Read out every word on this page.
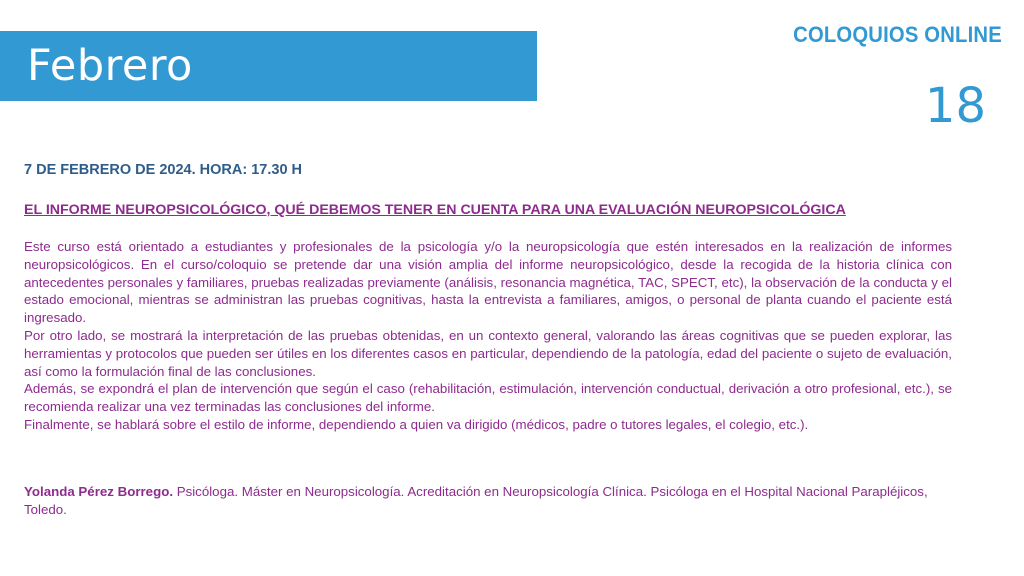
Febrero
COLOQUIOS ONLINE
18

7 DE FEBRERO DE 2024. HORA: 17.30 H

EL INFORME NEUROPSICOLÓGICO, QUÉ DEBEMOS TENER EN CUENTA PARA UNA EVALUACIÓN NEUROPSICOLÓGICA

Este curso está orientado a estudiantes y profesionales de la psicología y/o la neuropsicología que estén interesados en la realización de informes neuropsicológicos. En el curso/coloquio se pretende dar una visión amplia del informe neuropsicológico, desde la recogida de la historia clínica con antecedentes personales y familiares, pruebas realizadas previamente (análisis, resonancia magnética, TAC, SPECT, etc), la observación de la conducta y el estado emocional, mientras se administran las pruebas cognitivas, hasta la entrevista a familiares, amigos, o personal de planta cuando el paciente está ingresado.

Por otro lado, se mostrará la interpretación de las pruebas obtenidas, en un contexto general, valorando las áreas cognitivas que se pueden explorar, las herramientas y protocolos que pueden ser útiles en los diferentes casos en particular, dependiendo de la patología, edad del paciente o sujeto de evaluación, así como la formulación final de las conclusiones.

Además, se expondrá el plan de intervención que según el caso (rehabilitación, estimulación, intervención conductual, derivación a otro profesional, etc.), se recomienda realizar una vez terminadas las conclusiones del informe.

Finalmente, se hablará sobre el estilo de informe, dependiendo a quien va dirigido (médicos, padre o tutores legales, el colegio, etc.).

Yolanda Pérez Borrego. Psicóloga. Máster en Neuropsicología. Acreditación en Neuropsicología Clínica. Psicóloga en el Hospital Nacional Parapléjicos, Toledo.
